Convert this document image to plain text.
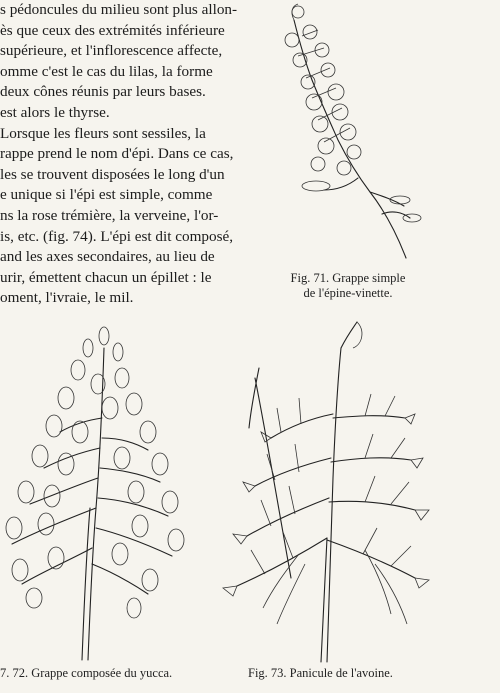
s pédoncules du milieu sont plus allon-
ès que ceux des extrémités inférieure
supérieure, et l'inflorescence affecte,
omme c'est le cas du lilas, la forme
deux cônes réunis par leurs bases.
est alors le thyrse.
Lorsque les fleurs sont sessiles, la
rappe prend le nom d'épi. Dans ce cas,
les se trouvent disposées le long d'un
e unique si l'épi est simple, comme
ns la rose trémière, la verveine, l'or-
is, etc. (fig. 74). L'épi est dit composé,
and les axes secondaires, au lieu de
urir, émettent chacun un épillet : le
oment, l'ivraie, le mil.
Fig. 71. Grappe simple
de l'épine-vinette.
7. 72. Grappe composée du yucca.	Fig. 73. Panicule de l'avoine.
